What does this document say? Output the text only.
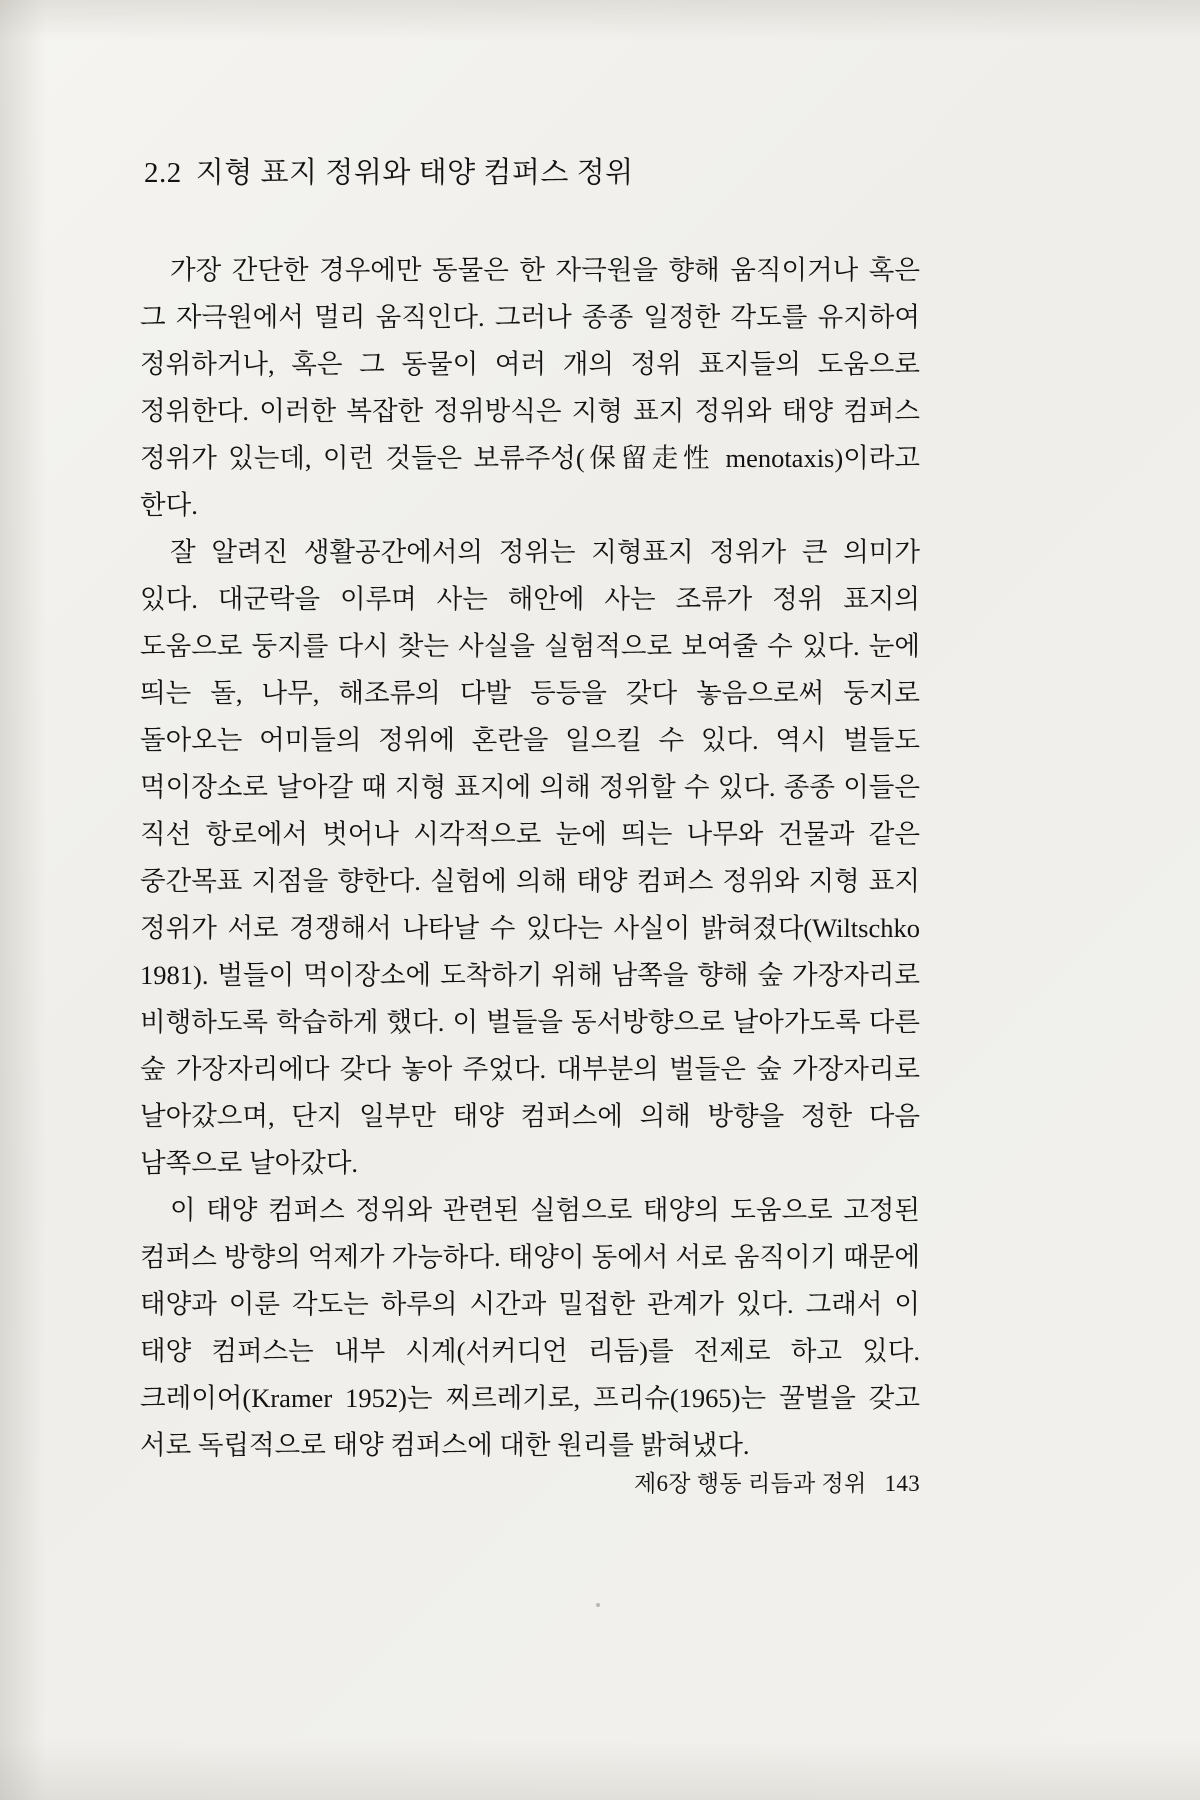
2.2 지형 표지 정위와 태양 컴퍼스 정위

가장 간단한 경우에만 동물은 한 자극원을 향해 움직이거나 혹은 그 자극원에서 멀리 움직인다. 그러나 종종 일정한 각도를 유지하여 정위하거나, 혹은 그 동물이 여러 개의 정위 표지들의 도움으로 정위한다. 이러한 복잡한 정위방식은 지형 표지 정위와 태양 컴퍼스 정위가 있는데, 이런 것들은 보류주성(保留走性 menotaxis)이라고 한다.

잘 알려진 생활공간에서의 정위는 지형표지 정위가 큰 의미가 있다. 대군락을 이루며 사는 해안에 사는 조류가 정위 표지의 도움으로 둥지를 다시 찾는 사실을 실험적으로 보여줄 수 있다. 눈에 띄는 돌, 나무, 해조류의 다발 등등을 갖다 놓음으로써 둥지로 돌아오는 어미들의 정위에 혼란을 일으킬 수 있다. 역시 벌들도 먹이장소로 날아갈 때 지형 표지에 의해 정위할 수 있다. 종종 이들은 직선 항로에서 벗어나 시각적으로 눈에 띄는 나무와 건물과 같은 중간목표 지점을 향한다. 실험에 의해 태양 컴퍼스 정위와 지형 표지 정위가 서로 경쟁해서 나타날 수 있다는 사실이 밝혀졌다(Wiltschko 1981). 벌들이 먹이장소에 도착하기 위해 남쪽을 향해 숲 가장자리로 비행하도록 학습하게 했다. 이 벌들을 동서방향으로 날아가도록 다른 숲 가장자리에다 갖다 놓아 주었다. 대부분의 벌들은 숲 가장자리로 날아갔으며, 단지 일부만 태양 컴퍼스에 의해 방향을 정한 다음 남쪽으로 날아갔다.

이 태양 컴퍼스 정위와 관련된 실험으로 태양의 도움으로 고정된 컴퍼스 방향의 억제가 가능하다. 태양이 동에서 서로 움직이기 때문에 태양과 이룬 각도는 하루의 시간과 밀접한 관계가 있다. 그래서 이 태양 컴퍼스는 내부 시계(서커디언 리듬)를 전제로 하고 있다. 크레이어(Kramer 1952)는 찌르레기로, 프리슈(1965)는 꿀벌을 갖고 서로 독립적으로 태양 컴퍼스에 대한 원리를 밝혀냈다.

제6장 행동 리듬과 정위 143
